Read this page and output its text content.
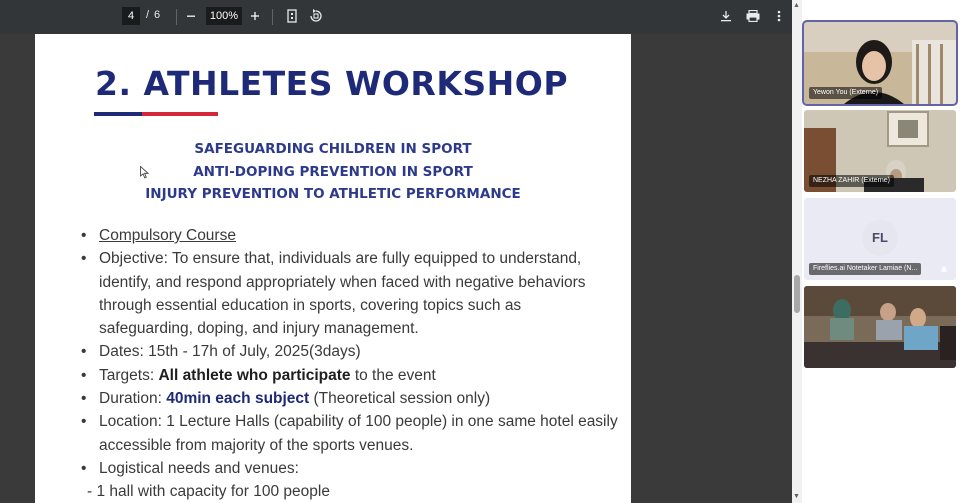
4	/ 6	100%
2. ATHLETES WORKSHOP
SAFEGUARDING CHILDREN IN SPORT
ANTI-DOPING PREVENTION IN SPORT
INJURY PREVENTION TO ATHLETIC PERFORMANCE
• Compulsory Course
• Objective: To ensure that, individuals are fully equipped to understand,
identify, and respond appropriately when faced with negative behaviors
through essential education in sports, covering topics such as
safeguarding, doping, and injury management.
• Dates: 15th - 17h of July, 2025(3days)
• Targets: All athlete who participate to the event
• Duration: 40min each subject (Theoretical session only)
• Location: 1 Lecture Halls (capability of 100 people) in one same hotel easily
accessible from majority of the sports venues.
• Logistical needs and venues:
- 1 hall with capacity for 100 people
▲
▼
Yewon You (Externe)
NEZHA ZAHIR (Externe)
FL
Fireflies.ai Notetaker Lamiae (N...
